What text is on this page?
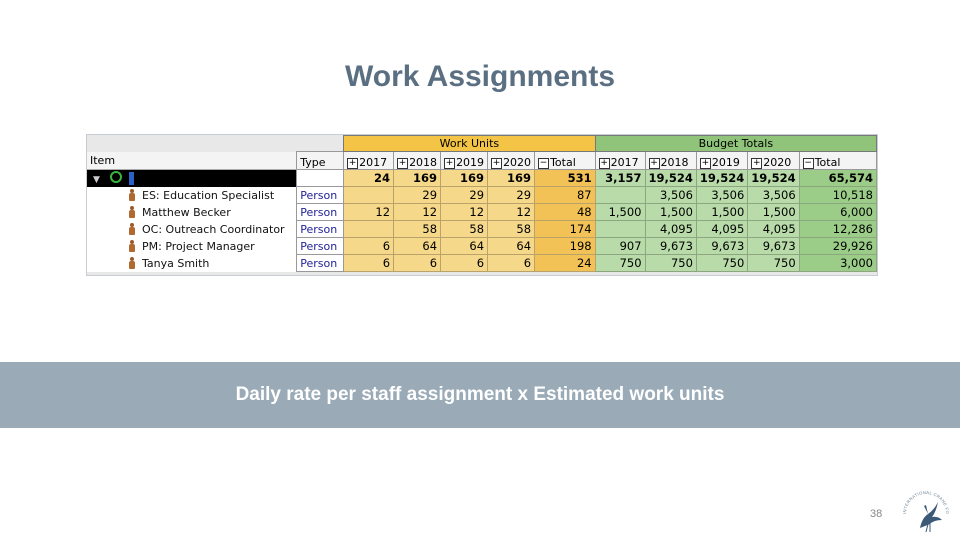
Work Assignments
		Work Units					Budget Totals				
Item	Type	+ 2017	+ 2018	+ 2019	+ 2020	− Total	+ 2017	+ 2018	+ 2019	+ 2020	− Total
▼		24	169	169	169	531	3,157	19,524	19,524	19,524	65,574
ES: Education Specialist	Person		29	29	29	87		3,506	3,506	3,506	10,518
Matthew Becker	Person	12	12	12	12	48	1,500	1,500	1,500	1,500	6,000
OC: Outreach Coordinator	Person		58	58	58	174		4,095	4,095	4,095	12,286
PM: Project Manager	Person	6	64	64	64	198	907	9,673	9,673	9,673	29,926
Tanya Smith	Person	6	6	6	6	24	750	750	750	750	3,000
Daily rate per staff assignment x Estimated work units
38	INTERNATIONAL CRANE FO
